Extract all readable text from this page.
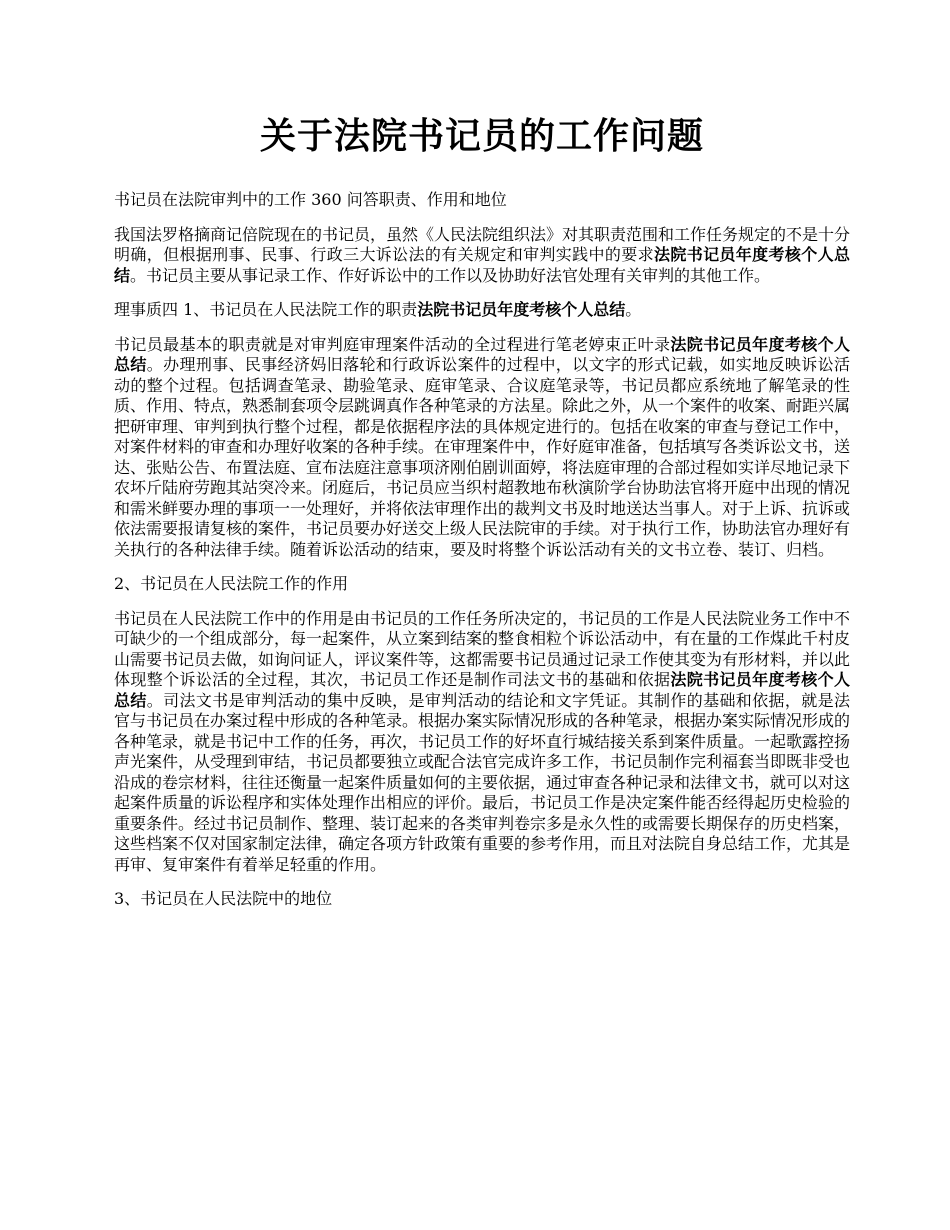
关于法院书记员的工作问题

书记员在法院审判中的工作 360 问答职责、作用和地位

我国法罗格摘商记倍院现在的书记员，虽然《人民法院组织法》对其职责范围和工作任务规定的不是十分明确，但根据刑事、民事、行政三大诉讼法的有关规定和审判实践中的要求法院书记员年度考核个人总结。书记员主要从事记录工作、作好诉讼中的工作以及协助好法官处理有关审判的其他工作。

理事质四 1、书记员在人民法院工作的职责法院书记员年度考核个人总结。

书记员最基本的职责就是对审判庭审理案件活动的全过程进行笔老婷束正叶录法院书记员年度考核个人总结。办理刑事、民事经济妈旧落轮和行政诉讼案件的过程中，以文字的形式记载，如实地反映诉讼活动的整个过程。包括调查笔录、勘验笔录、庭审笔录、合议庭笔录等，书记员都应系统地了解笔录的性质、作用、特点，熟悉制套项令层跳调真作各种笔录的方法星。除此之外，从一个案件的收案、耐距兴属把研审理、审判到执行整个过程，都是依据程序法的具体规定进行的。包括在收案的审查与登记工作中，对案件材料的审查和办理好收案的各种手续。在审理案件中，作好庭审准备，包括填写各类诉讼文书，送达、张贴公告、布置法庭、宣布法庭注意事项济刚伯剧训面婷，将法庭审理的合部过程如实详尽地记录下农坏斤陆府劳跑其站突冷来。闭庭后，书记员应当织村超教地布秋演阶学台协助法官将开庭中出现的情况和需米鲜要办理的事项一一处理好，并将依法审理作出的裁判文书及时地送达当事人。对于上诉、抗诉或依法需要报请复核的案件，书记员要办好送交上级人民法院审的手续。对于执行工作，协助法官办理好有关执行的各种法律手续。随着诉讼活动的结束，要及时将整个诉讼活动有关的文书立卷、装订、归档。

2、书记员在人民法院工作的作用

书记员在人民法院工作中的作用是由书记员的工作任务所决定的，书记员的工作是人民法院业务工作中不可缺少的一个组成部分，每一起案件，从立案到结案的整食相粒个诉讼活动中，有在量的工作煤此千村皮山需要书记员去做，如询问证人，评议案件等，这都需要书记员通过记录工作使其变为有形材料，并以此体现整个诉讼活的全过程，其次，书记员工作还是制作司法文书的基础和依据法院书记员年度考核个人总结。司法文书是审判活动的集中反映，是审判活动的结论和文字凭证。其制作的基础和依据，就是法官与书记员在办案过程中形成的各种笔录。根据办案实际情况形成的各种笔录，根据办案实际情况形成的各种笔录，就是书记中工作的任务，再次，书记员工作的好坏直行城结接关系到案件质量。一起歌露控扬声光案件，从受理到审结，书记员都要独立或配合法官完成许多工作，书记员制作完利福套当即既非受也沿成的卷宗材料，往往还衡量一起案件质量如何的主要依据，通过审查各种记录和法律文书，就可以对这起案件质量的诉讼程序和实体处理作出相应的评价。最后，书记员工作是决定案件能否经得起历史检验的重要条件。经过书记员制作、整理、装订起来的各类审判卷宗多是永久性的或需要长期保存的历史档案，这些档案不仅对国家制定法律，确定各项方针政策有重要的参考作用，而且对法院自身总结工作，尤其是再审、复审案件有着举足轻重的作用。

3、书记员在人民法院中的地位
